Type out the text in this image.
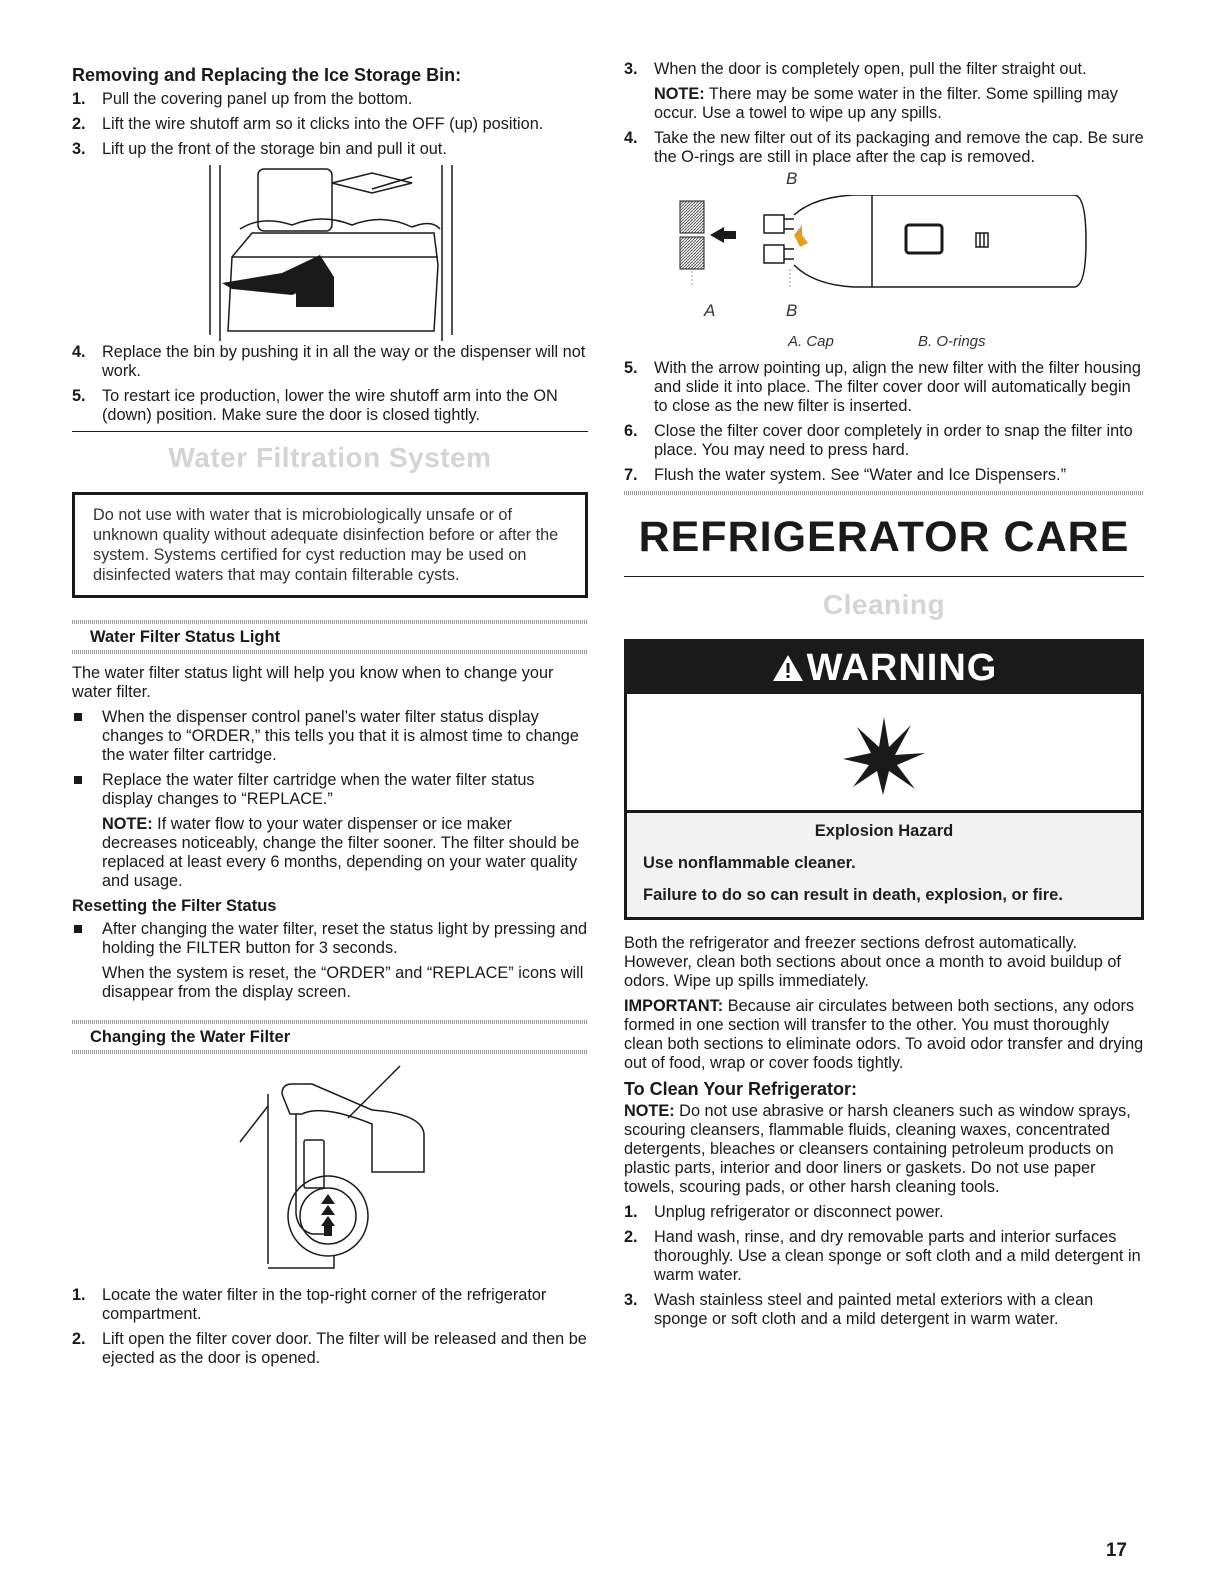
Removing and Replacing the Ice Storage Bin:
1. Pull the covering panel up from the bottom.
2. Lift the wire shutoff arm so it clicks into the OFF (up) position.
3. Lift up the front of the storage bin and pull it out.
4. Replace the bin by pushing it in all the way or the dispenser will not work.
5. To restart ice production, lower the wire shutoff arm into the ON (down) position. Make sure the door is closed tightly.
Water Filtration System
Do not use with water that is microbiologically unsafe or of unknown quality without adequate disinfection before or after the system. Systems certified for cyst reduction may be used on disinfected waters that may contain filterable cysts.
Water Filter Status Light

The water filter status light will help you know when to change your water filter.

When the dispenser control panel’s water filter status display changes to “ORDER,” this tells you that it is almost time to change the water filter cartridge.
Replace the water filter cartridge when the water filter status display changes to “REPLACE.”

NOTE: If water flow to your water dispenser or ice maker decreases noticeably, change the filter sooner. The filter should be replaced at least every 6 months, depending on your water quality and usage.

Resetting the Filter Status
After changing the water filter, reset the status light by pressing and holding the FILTER button for 3 seconds.

When the system is reset, the “ORDER” and “REPLACE” icons will disappear from the display screen.

Changing the Water Filter
1. Locate the water filter in the top-right corner of the refrigerator compartment.
2. Lift open the filter cover door. The filter will be released and then be ejected as the door is opened.
3. When the door is completely open, pull the filter straight out.

NOTE: There may be some water in the filter. Some spilling may occur. Use a towel to wipe up any spills.

4. Take the new filter out of its packaging and remove the cap. Be sure the O-rings are still in place after the cap is removed.
B
A	B
A. Cap	B. O-rings
5. With the arrow pointing up, align the new filter with the filter housing and slide it into place. The filter cover door will automatically begin to close as the new filter is inserted.
6. Close the filter cover door completely in order to snap the filter into place. You may need to press hard.
7. Flush the water system. See “Water and Ice Dispensers.”
REFRIGERATOR CARE
Cleaning
WARNING
Explosion Hazard
Use nonflammable cleaner.
Failure to do so can result in death, explosion, or fire.

Both the refrigerator and freezer sections defrost automatically. However, clean both sections about once a month to avoid buildup of odors. Wipe up spills immediately.

IMPORTANT: Because air circulates between both sections, any odors formed in one section will transfer to the other. You must thoroughly clean both sections to eliminate odors. To avoid odor transfer and drying out of food, wrap or cover foods tightly.

To Clean Your Refrigerator:

NOTE: Do not use abrasive or harsh cleaners such as window sprays, scouring cleansers, flammable fluids, cleaning waxes, concentrated detergents, bleaches or cleansers containing petroleum products on plastic parts, interior and door liners or gaskets. Do not use paper towels, scouring pads, or other harsh cleaning tools.

1. Unplug refrigerator or disconnect power.
2. Hand wash, rinse, and dry removable parts and interior surfaces thoroughly. Use a clean sponge or soft cloth and a mild detergent in warm water.
3. Wash stainless steel and painted metal exteriors with a clean sponge or soft cloth and a mild detergent in warm water.
17
